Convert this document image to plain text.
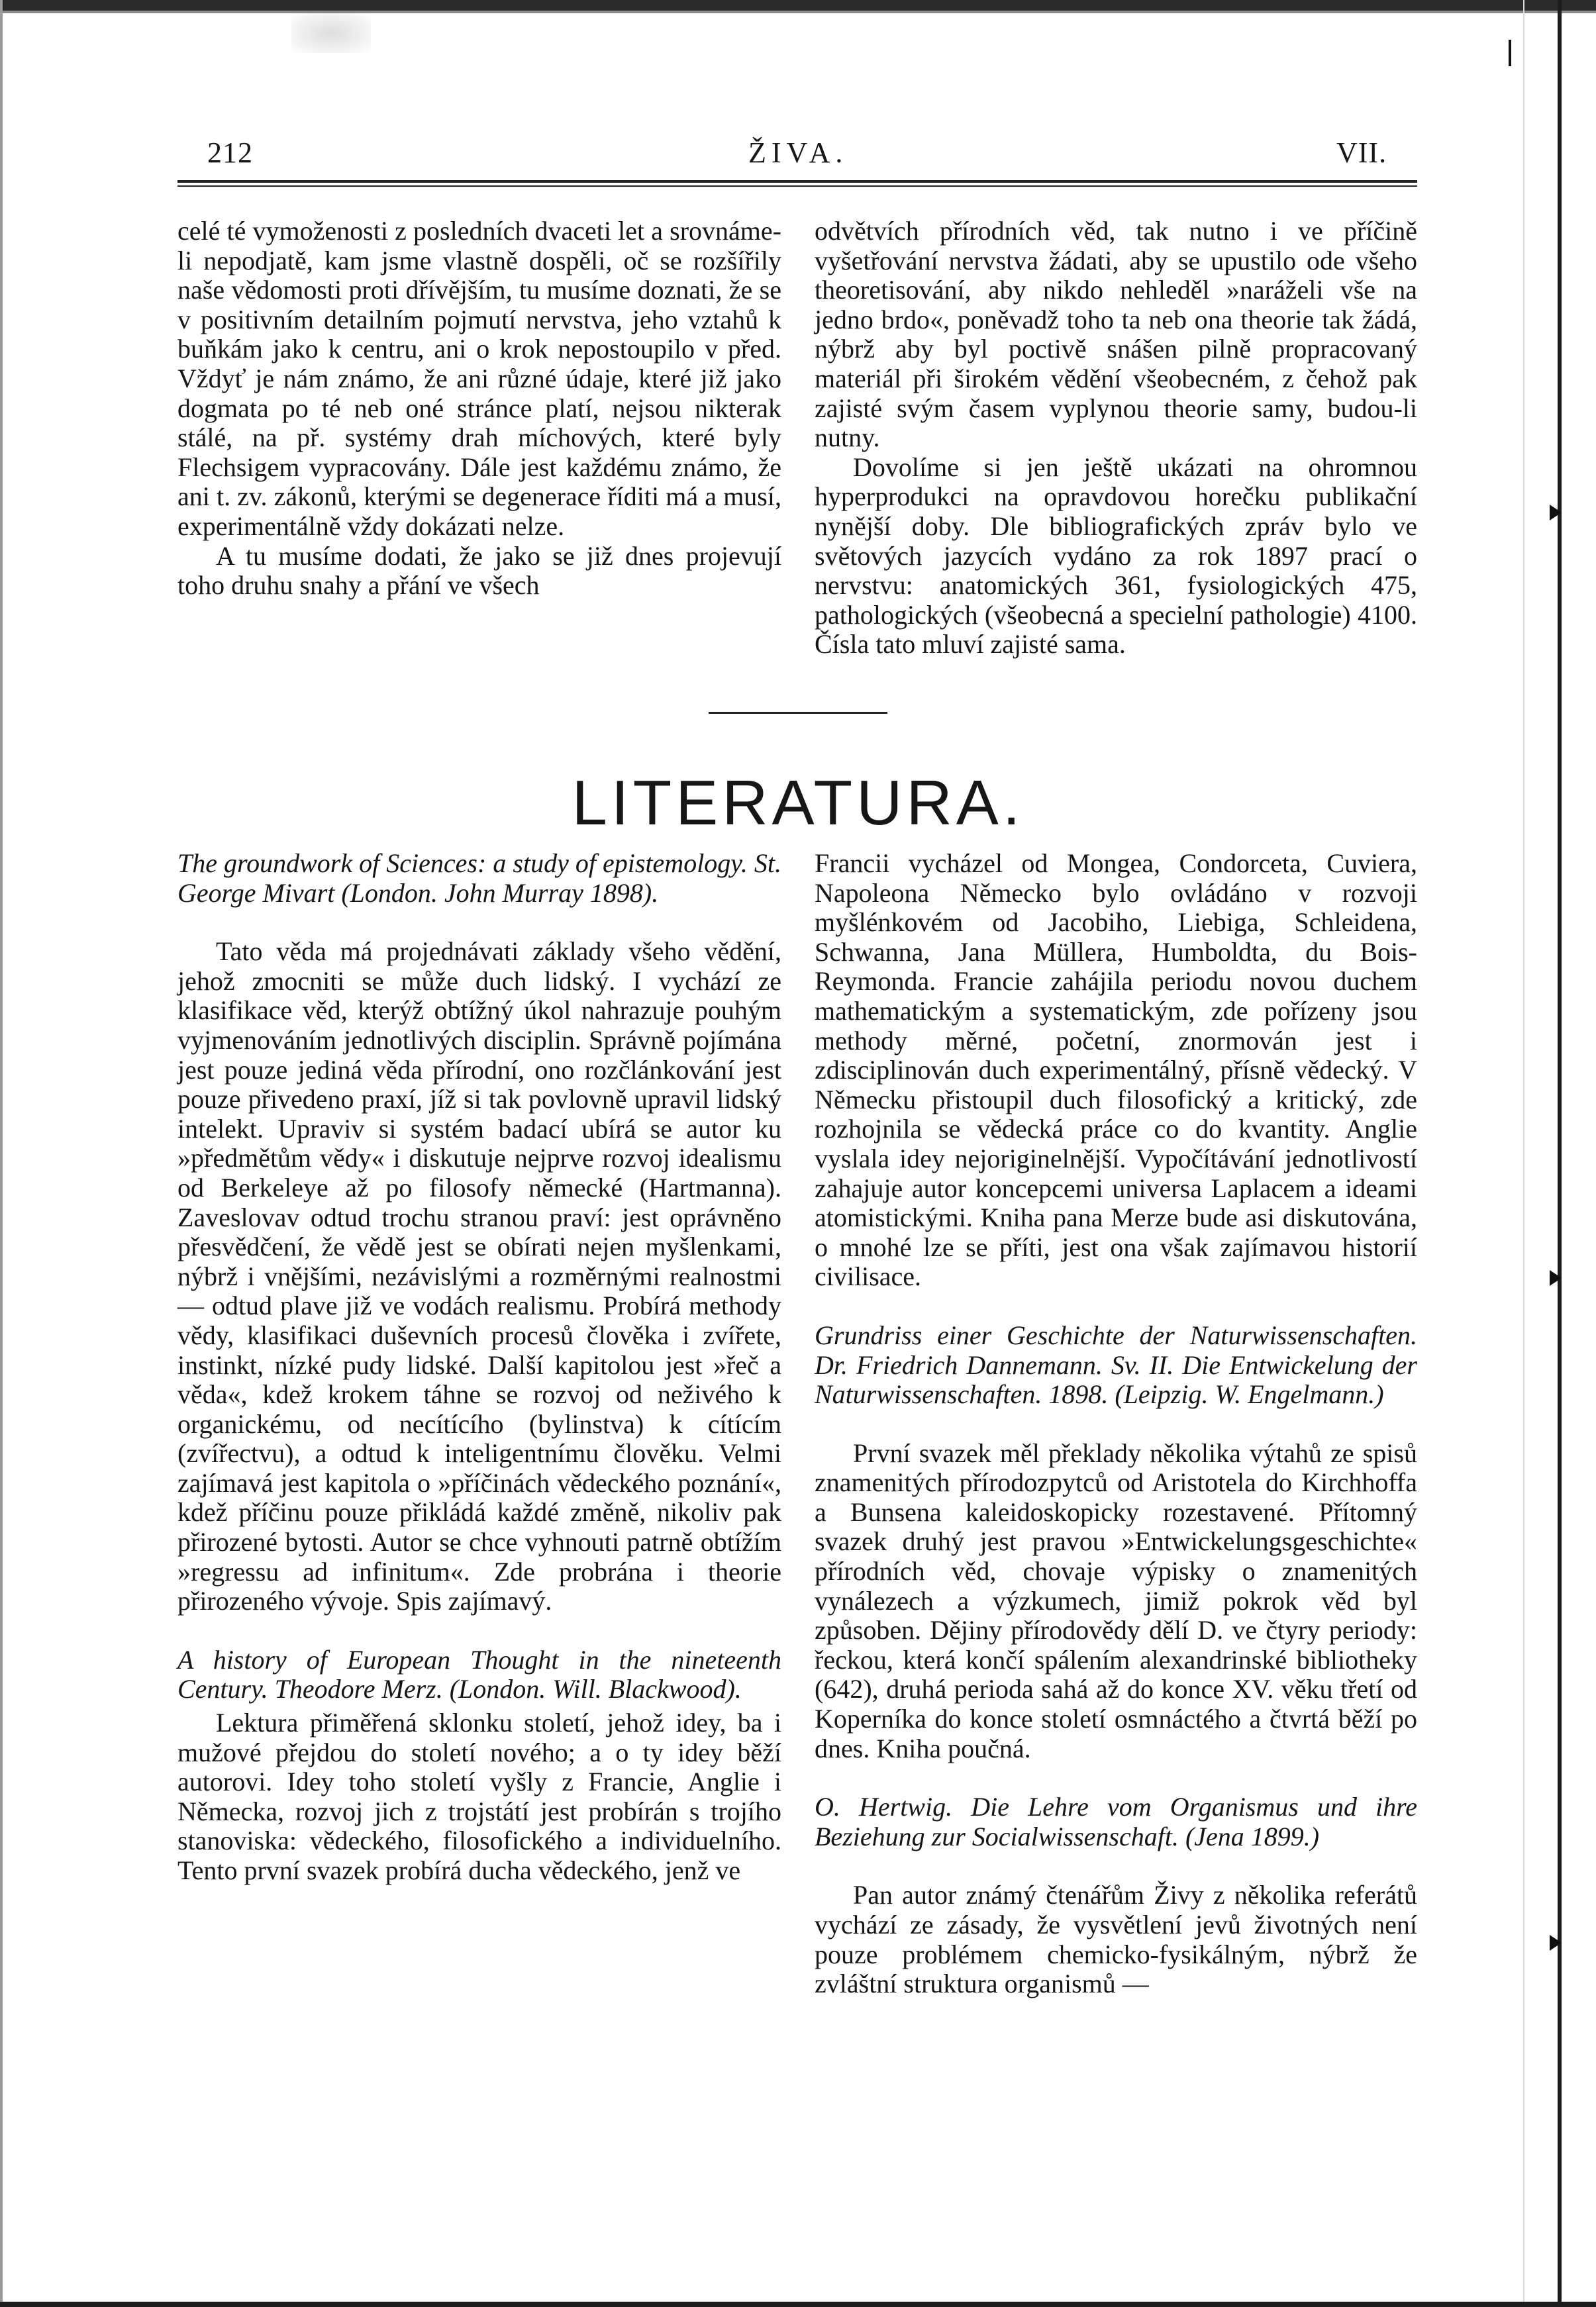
212	ŽIVA.	VII.

celé té vymoženosti z posledních dvaceti let a srovnáme-li nepodjatě, kam jsme vlastně dospěli, oč se rozšířily naše vědomosti proti dřívějším, tu musíme doznati, že se v positivním detailním pojmutí nervstva, jeho vztahů k buňkám jako k centru, ani o krok nepostoupilo v před. Vždyť je nám známo, že ani různé údaje, které již jako dogmata po té neb oné stránce platí, nejsou nikterak stálé, na př. systémy drah míchových, které byly Flechsigem vypracovány. Dále jest každému známo, že ani t. zv. zákonů, kterými se degenerace říditi má a musí, experimentálně vždy dokázati nelze.

A tu musíme dodati, že jako se již dnes projevují toho druhu snahy a přání ve všech

odvětvích přírodních věd, tak nutno i ve příčině vyšetřování nervstva žádati, aby se upustilo ode všeho theoretisování, aby nikdo nehleděl »naráželi vše na jedno brdo«, poněvadž toho ta neb ona theorie tak žádá, nýbrž aby byl poctivě snášen pilně propracovaný materiál při širokém vědění všeobecném, z čehož pak zajisté svým časem vyplynou theorie samy, budou-li nutny.

Dovolíme si jen ještě ukázati na ohromnou hyperprodukci na opravdovou horečku publikační nynější doby. Dle bibliografických zpráv bylo ve světových jazycích vydáno za rok 1897 prací o nervstvu: anatomických 361, fysiologických 475, pathologických (všeobecná a specielní pathologie) 4100. Čísla tato mluví zajisté sama.

LITERATURA.

The groundwork of Sciences: a study of epistemology. St. George Mivart (London. John Murray 1898).

Tato věda má projednávati základy všeho vědění, jehož zmocniti se může duch lidský. I vychází ze klasifikace věd, kterýž obtížný úkol nahrazuje pouhým vyjmenováním jednotlivých disciplin. Správně pojímána jest pouze jediná věda přírodní, ono rozčlánkování jest pouze přivedeno praxí, jíž si tak povlovně upravil lidský intelekt. Upraviv si systém badací ubírá se autor ku »předmětům vědy« i diskutuje nejprve rozvoj idealismu od Berkeleye až po filosofy německé (Hartmanna). Zaveslovav odtud trochu stranou praví: jest oprávněno přesvědčení, že vědě jest se obírati nejen myšlenkami, nýbrž i vnějšími, nezávislými a rozměrnými realnostmi — odtud plave již ve vodách realismu. Probírá methody vědy, klasifikaci duševních procesů člověka i zvířete, instinkt, nízké pudy lidské. Další kapitolou jest »řeč a věda«, kdež krokem táhne se rozvoj od neživého k organickému, od necítícího (bylinstva) k cítícím (zvířectvu), a odtud k inteligentnímu člověku. Velmi zajímavá jest kapitola o »příčinách vědeckého poznání«, kdež příčinu pouze přikládá každé změně, nikoliv pak přirozené bytosti. Autor se chce vyhnouti patrně obtížím »regressu ad infinitum«. Zde probrána i theorie přirozeného vývoje. Spis zajímavý.

A history of European Thought in the nineteenth Century. Theodore Merz. (London. Will. Blackwood).

Lektura přiměřená sklonku století, jehož idey, ba i mužové přejdou do století nového; a o ty idey běží autorovi. Idey toho století vyšly z Francie, Anglie i Německa, rozvoj jich z trojstátí jest probírán s trojího stanoviska: vědeckého, filosofického a individuelního. Tento první svazek probírá ducha vědeckého, jenž ve

Francii vycházel od Mongea, Condorceta, Cuviera, Napoleona Německo bylo ovládáno v rozvoji myšlénkovém od Jacobiho, Liebiga, Schleidena, Schwanna, Jana Müllera, Humboldta, du Bois-Reymonda. Francie zahájila periodu novou duchem mathematickým a systematickým, zde pořízeny jsou methody měrné, početní, znormován jest i zdisciplinován duch experimentálný, přísně vědecký. V Německu přistoupil duch filosofický a kritický, zde rozhojnila se vědecká práce co do kvantity. Anglie vyslala idey nejoriginelnější. Vypočítávání jednotlivostí zahajuje autor koncepcemi universa Laplacem a ideami atomistickými. Kniha pana Merze bude asi diskutována, o mnohé lze se příti, jest ona však zajímavou historií civilisace.

Grundriss einer Geschichte der Naturwissenschaften. Dr. Friedrich Dannemann. Sv. II. Die Entwickelung der Naturwissenschaften. 1898. (Leipzig. W. Engelmann.)

První svazek měl překlady několika výtahů ze spisů znamenitých přírodozpytců od Aristotela do Kirchhoffa a Bunsena kaleidoskopicky rozestavené. Přítomný svazek druhý jest pravou »Entwickelungsgeschichte« přírodních věd, chovaje výpisky o znamenitých vynálezech a výzkumech, jimiž pokrok věd byl způsoben. Dějiny přírodovědy dělí D. ve čtyry periody: řeckou, která končí spálením alexandrinské bibliotheky (642), druhá perioda sahá až do konce XV. věku třetí od Koperníka do konce století osmnáctého a čtvrtá běží po dnes. Kniha poučná.

O. Hertwig. Die Lehre vom Organismus und ihre Beziehung zur Socialwissenschaft. (Jena 1899.)

Pan autor známý čtenářům Živy z několika referátů vychází ze zásady, že vysvětlení jevů životných není pouze problémem chemicko-fysikálným, nýbrž že zvláštní struktura organismů —
